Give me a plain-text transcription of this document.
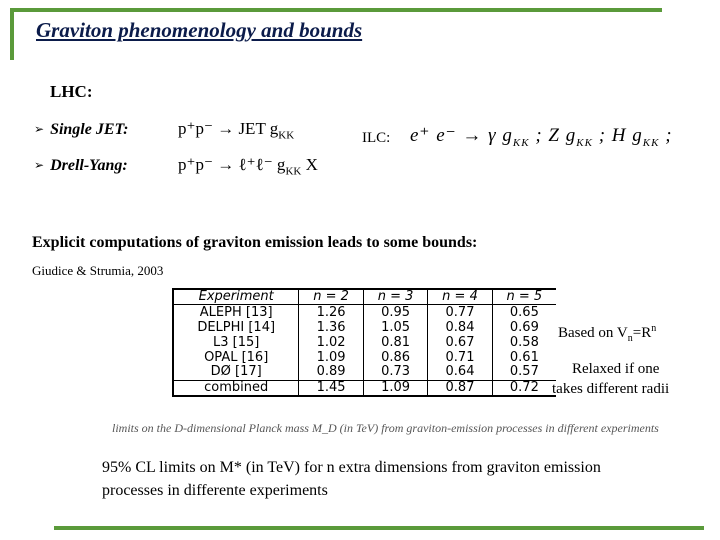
Graviton phenomenology and bounds
LHC:
➢ Single JET:	p⁺p⁻ → JET $g_{KK}$
➢ Drell-Yang:	p⁺p⁻ → ℓ⁺ℓ⁻ $g_{KK}$ X
ILC: e⁺ e⁻ → γ $g_{KK}$ ; Z $g_{KK}$ ; H $g_{KK}$ ;
Explicit computations of graviton emission leads to some bounds:
Giudice & Strumia, 2003
Experiment	n = 2	n = 3	n = 4	n = 5
ALEPH [13]	1.26	0.95	0.77	0.65
DELPHI [14]	1.36	1.05	0.84	0.69
L3 [15]	1.02	0.81	0.67	0.58
OPAL [16]	1.09	0.86	0.71	0.61
DØ [17]	0.89	0.73	0.64	0.57
combined	1.45	1.09	0.87	0.72
limits on the D-dimensional Planck mass M_D (in TeV) from graviton-emission processes in different experiments
Based on $V_n=R^n$
Relaxed if one
takes different radii
95% CL limits on M* (in TeV) for n extra dimensions from graviton emission processes in differente experiments
